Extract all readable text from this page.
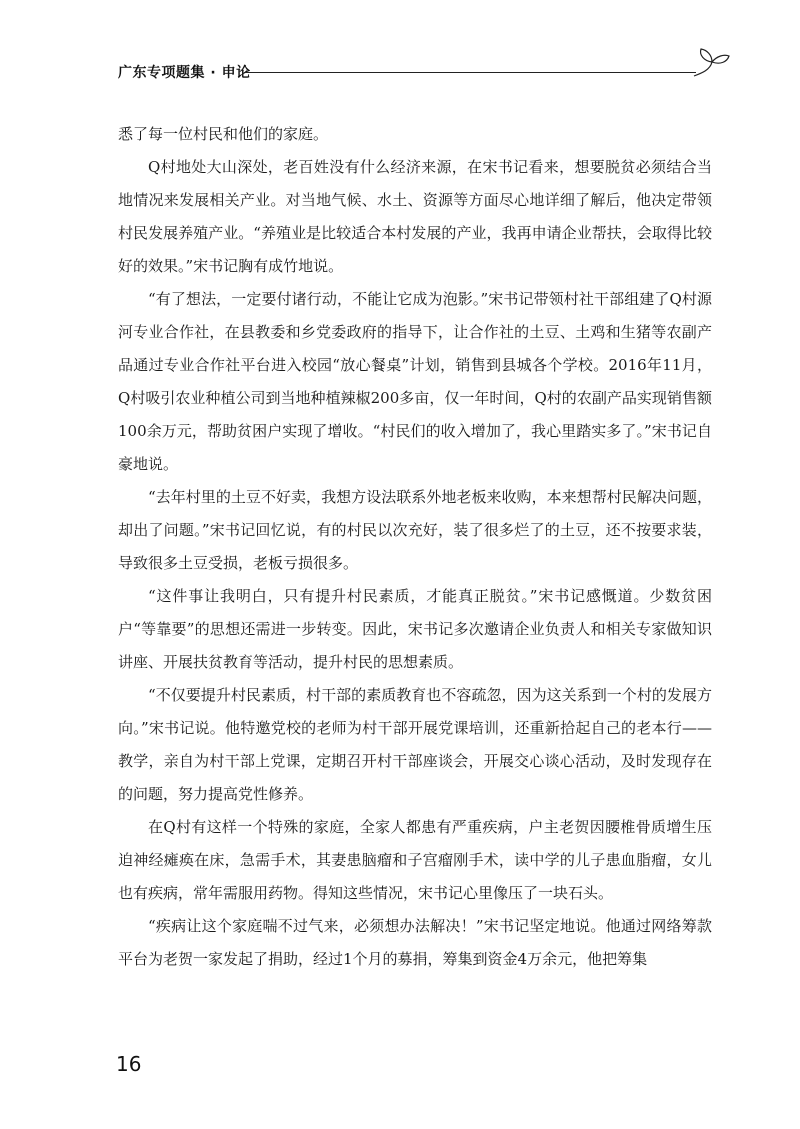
广东专项题集 · 申论

悉了每一位村民和他们的家庭。

Q村地处大山深处，老百姓没有什么经济来源，在宋书记看来，想要脱贫必须结合当地情况来发展相关产业。对当地气候、水土、资源等方面尽心地详细了解后，他决定带领村民发展养殖产业。“养殖业是比较适合本村发展的产业，我再申请企业帮扶，会取得比较好的效果。”宋书记胸有成竹地说。

“有了想法，一定要付诸行动，不能让它成为泡影。”宋书记带领村社干部组建了Q村源河专业合作社，在县教委和乡党委政府的指导下，让合作社的土豆、土鸡和生猪等农副产品通过专业合作社平台进入校园“放心餐桌”计划，销售到县城各个学校。2016年11月，Q村吸引农业种植公司到当地种植辣椒200多亩，仅一年时间，Q村的农副产品实现销售额100余万元，帮助贫困户实现了增收。“村民们的收入增加了，我心里踏实多了。”宋书记自豪地说。

“去年村里的土豆不好卖，我想方设法联系外地老板来收购，本来想帮村民解决问题，却出了问题。”宋书记回忆说，有的村民以次充好，装了很多烂了的土豆，还不按要求装，导致很多土豆受损，老板亏损很多。

“这件事让我明白，只有提升村民素质，才能真正脱贫。”宋书记感慨道。少数贫困户“等靠要”的思想还需进一步转变。因此，宋书记多次邀请企业负责人和相关专家做知识讲座、开展扶贫教育等活动，提升村民的思想素质。

“不仅要提升村民素质，村干部的素质教育也不容疏忽，因为这关系到一个村的发展方向。”宋书记说。他特邀党校的老师为村干部开展党课培训，还重新拾起自己的老本行——教学，亲自为村干部上党课，定期召开村干部座谈会，开展交心谈心活动，及时发现存在的问题，努力提高党性修养。

在Q村有这样一个特殊的家庭，全家人都患有严重疾病，户主老贺因腰椎骨质增生压迫神经瘫痪在床，急需手术，其妻患脑瘤和子宫瘤刚手术，读中学的儿子患血脂瘤，女儿也有疾病，常年需服用药物。得知这些情况，宋书记心里像压了一块石头。

“疾病让这个家庭喘不过气来，必须想办法解决！”宋书记坚定地说。他通过网络筹款平台为老贺一家发起了捐助，经过1个月的募捐，筹集到资金4万余元，他把筹集

16
